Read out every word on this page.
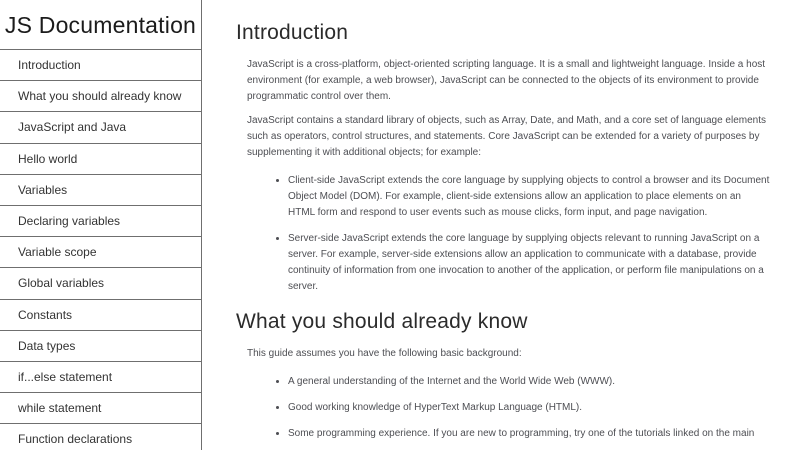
JS Documentation
Introduction
What you should already know
JavaScript and Java
Hello world
Variables
Declaring variables
Variable scope
Global variables
Constants
Data types
if...else statement
while statement
Function declarations
Introduction

JavaScript is a cross-platform, object-oriented scripting language. It is a small and lightweight language. Inside a host environment (for example, a web browser), JavaScript can be connected to the objects of its environment to provide programmatic control over them.

JavaScript contains a standard library of objects, such as Array, Date, and Math, and a core set of language elements such as operators, control structures, and statements. Core JavaScript can be extended for a variety of purposes by supplementing it with additional objects; for example:

• Client-side JavaScript extends the core language by supplying objects to control a browser and its Document Object Model (DOM). For example, client-side extensions allow an application to place elements on an HTML form and respond to user events such as mouse clicks, form input, and page navigation.
• Server-side JavaScript extends the core language by supplying objects relevant to running JavaScript on a server. For example, server-side extensions allow an application to communicate with a database, provide continuity of information from one invocation to another of the application, or perform file manipulations on a server.
What you should already know

This guide assumes you have the following basic background:

• A general understanding of the Internet and the World Wide Web (WWW).
• Good working knowledge of HyperText Markup Language (HTML).
• Some programming experience. If you are new to programming, try one of the tutorials linked on the main
